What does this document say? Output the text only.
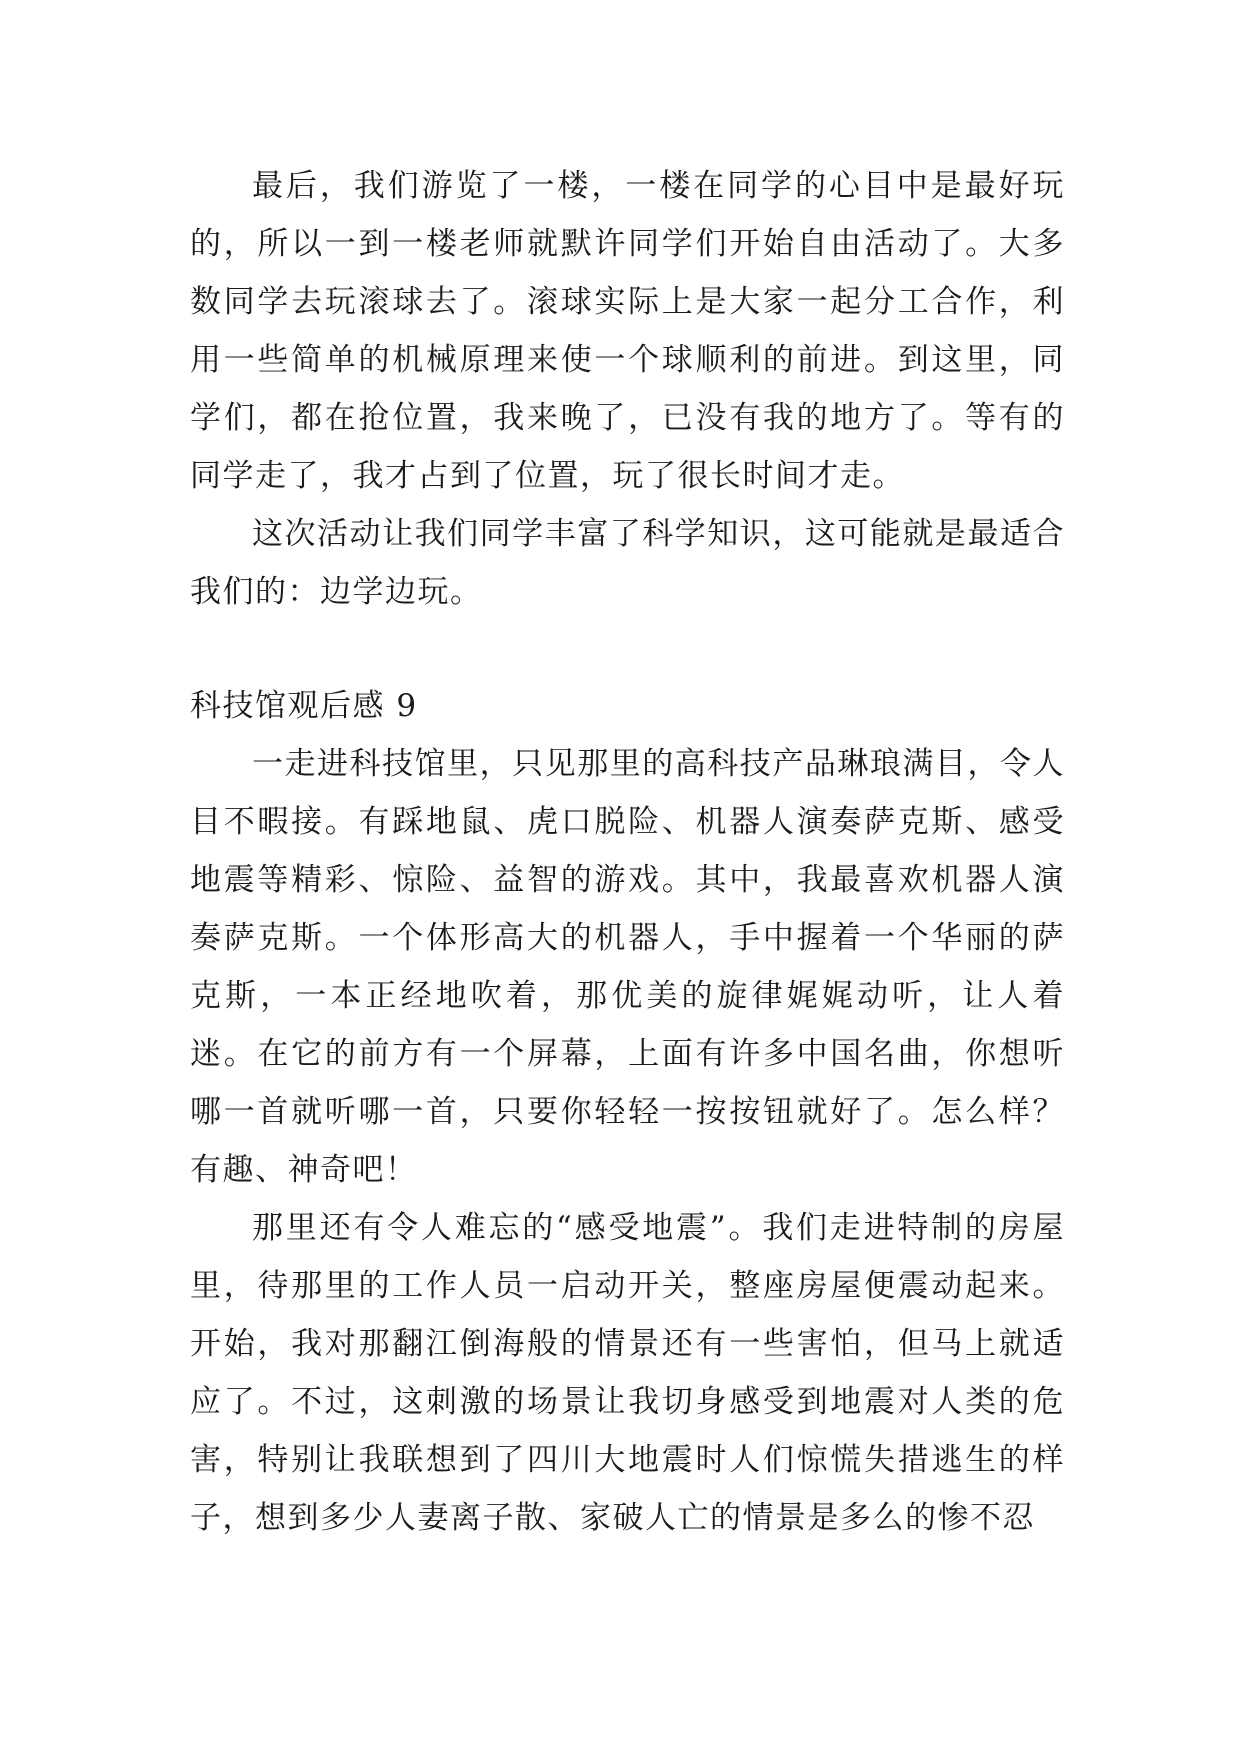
最后，我们游览了一楼，一楼在同学的心目中是最好玩的，所以一到一楼老师就默许同学们开始自由活动了。大多数同学去玩滚球去了。滚球实际上是大家一起分工合作，利用一些简单的机械原理来使一个球顺利的前进。到这里，同学们，都在抢位置，我来晚了，已没有我的地方了。等有的同学走了，我才占到了位置，玩了很长时间才走。

这次活动让我们同学丰富了科学知识，这可能就是最适合我们的：边学边玩。

科技馆观后感 9

一走进科技馆里，只见那里的高科技产品琳琅满目，令人目不暇接。有踩地鼠、虎口脱险、机器人演奏萨克斯、感受地震等精彩、惊险、益智的游戏。其中，我最喜欢机器人演奏萨克斯。一个体形高大的机器人，手中握着一个华丽的萨克斯，一本正经地吹着，那优美的旋律娓娓动听，让人着迷。在它的前方有一个屏幕，上面有许多中国名曲，你想听哪一首就听哪一首，只要你轻轻一按按钮就好了。怎么样？有趣、神奇吧！

那里还有令人难忘的“感受地震”。我们走进特制的房屋里，待那里的工作人员一启动开关，整座房屋便震动起来。开始，我对那翻江倒海般的情景还有一些害怕，但马上就适应了。不过，这刺激的场景让我切身感受到地震对人类的危害，特别让我联想到了四川大地震时人们惊慌失措逃生的样子，想到多少人妻离子散、家破人亡的情景是多么的惨不忍
